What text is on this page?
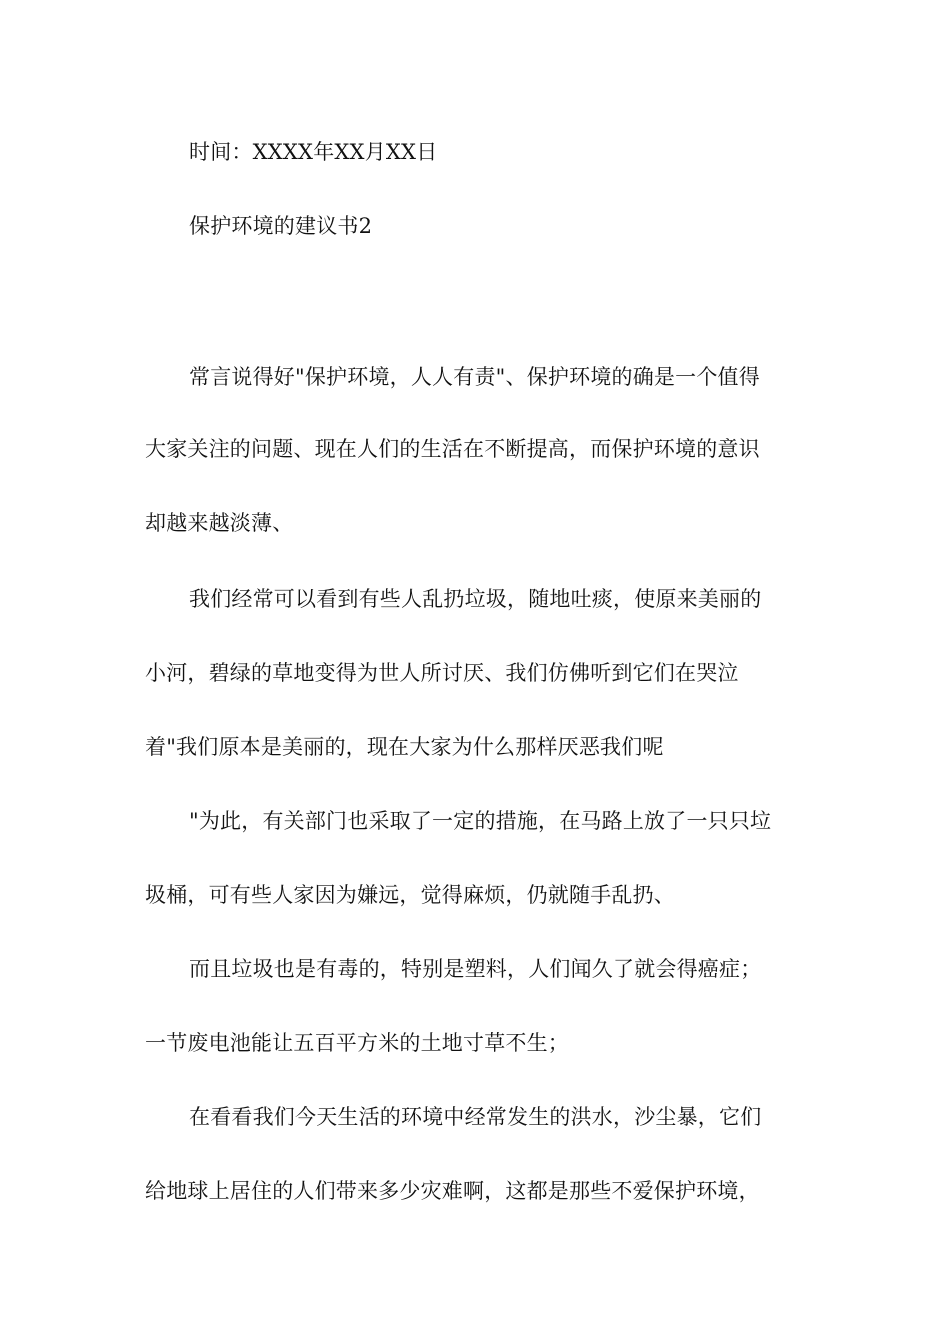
时间：XXXX年XX月XX日
保护环境的建议书2
常言说得好"保护环境，人人有责"、保护环境的确是一个值得
大家关注的问题、现在人们的生活在不断提高，而保护环境的意识
却越来越淡薄、
我们经常可以看到有些人乱扔垃圾，随地吐痰，使原来美丽的
小河，碧绿的草地变得为世人所讨厌、我们仿佛听到它们在哭泣
着"我们原本是美丽的，现在大家为什么那样厌恶我们呢
"为此，有关部门也采取了一定的措施，在马路上放了一只只垃
圾桶，可有些人家因为嫌远，觉得麻烦，仍就随手乱扔、
而且垃圾也是有毒的，特别是塑料，人们闻久了就会得癌症；
一节废电池能让五百平方米的土地寸草不生；
在看看我们今天生活的环境中经常发生的洪水，沙尘暴，它们
给地球上居住的人们带来多少灾难啊，这都是那些不爱保护环境，
